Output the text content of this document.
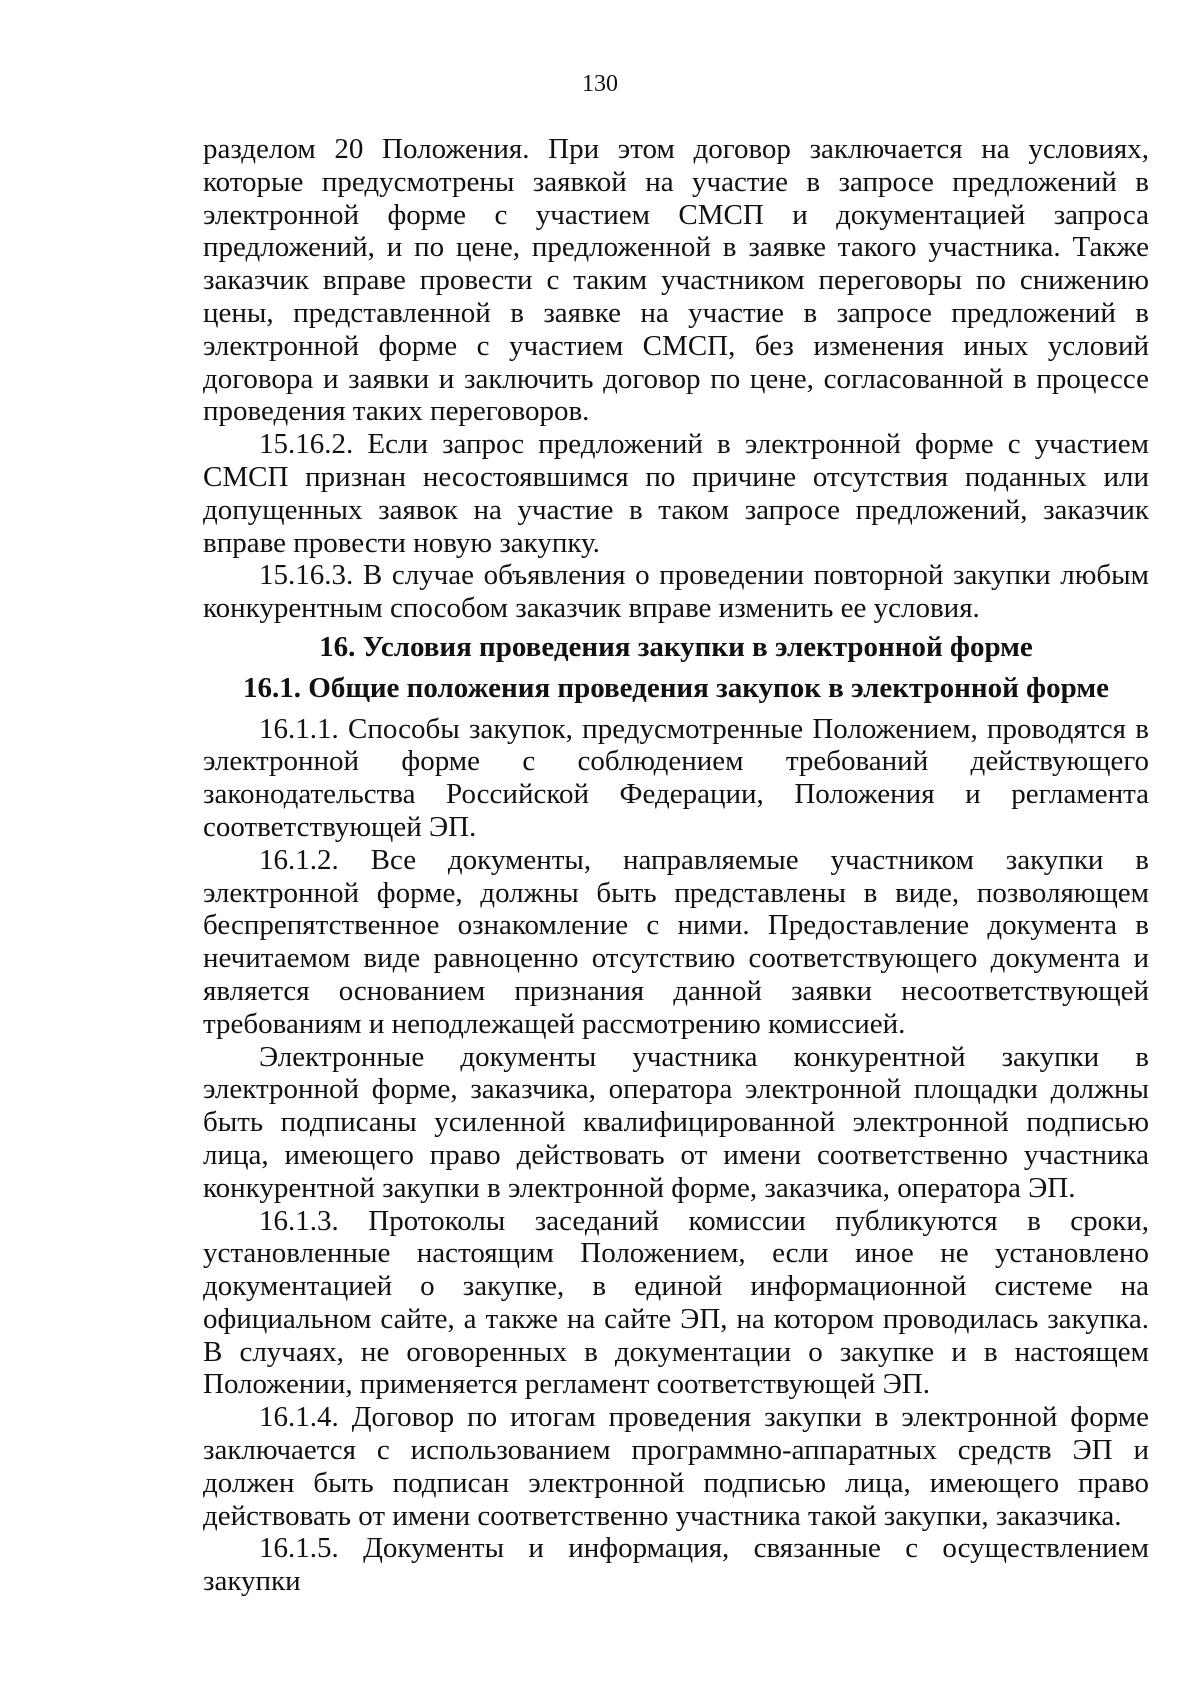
130

разделом 20 Положения. При этом договор заключается на условиях, которые предусмотрены заявкой на участие в запросе предложений в электронной форме с участием СМСП и документацией запроса предложений, и по цене, предложенной в заявке такого участника. Также заказчик вправе провести с таким участником переговоры по снижению цены, представленной в заявке на участие в запросе предложений в электронной форме с участием СМСП, без изменения иных условий договора и заявки и заключить договор по цене, согласованной в процессе проведения таких переговоров.

15.16.2. Если запрос предложений в электронной форме с участием СМСП признан несостоявшимся по причине отсутствия поданных или допущенных заявок на участие в таком запросе предложений, заказчик вправе провести новую закупку.

15.16.3. В случае объявления о проведении повторной закупки любым конкурентным способом заказчик вправе изменить ее условия.

16. Условия проведения закупки в электронной форме
16.1. Общие положения проведения закупок в электронной форме

16.1.1. Способы закупок, предусмотренные Положением, проводятся в электронной форме с соблюдением требований действующего законодательства Российской Федерации, Положения и регламента соответствующей ЭП.

16.1.2. Все документы, направляемые участником закупки в электронной форме, должны быть представлены в виде, позволяющем беспрепятственное ознакомление с ними. Предоставление документа в нечитаемом виде равноценно отсутствию соответствующего документа и является основанием признания данной заявки несоответствующей требованиям и неподлежащей рассмотрению комиссией.

Электронные документы участника конкурентной закупки в электронной форме, заказчика, оператора электронной площадки должны быть подписаны усиленной квалифицированной электронной подписью лица, имеющего право действовать от имени соответственно участника конкурентной закупки в электронной форме, заказчика, оператора ЭП.

16.1.3. Протоколы заседаний комиссии публикуются в сроки, установленные настоящим Положением, если иное не установлено документацией о закупке, в единой информационной системе на официальном сайте, а также на сайте ЭП, на котором проводилась закупка. В случаях, не оговоренных в документации о закупке и в настоящем Положении, применяется регламент соответствующей ЭП.

16.1.4. Договор по итогам проведения закупки в электронной форме заключается с использованием программно-аппаратных средств ЭП и должен быть подписан электронной подписью лица, имеющего право действовать от имени соответственно участника такой закупки, заказчика.

16.1.5. Документы и информация, связанные с осуществлением закупки
